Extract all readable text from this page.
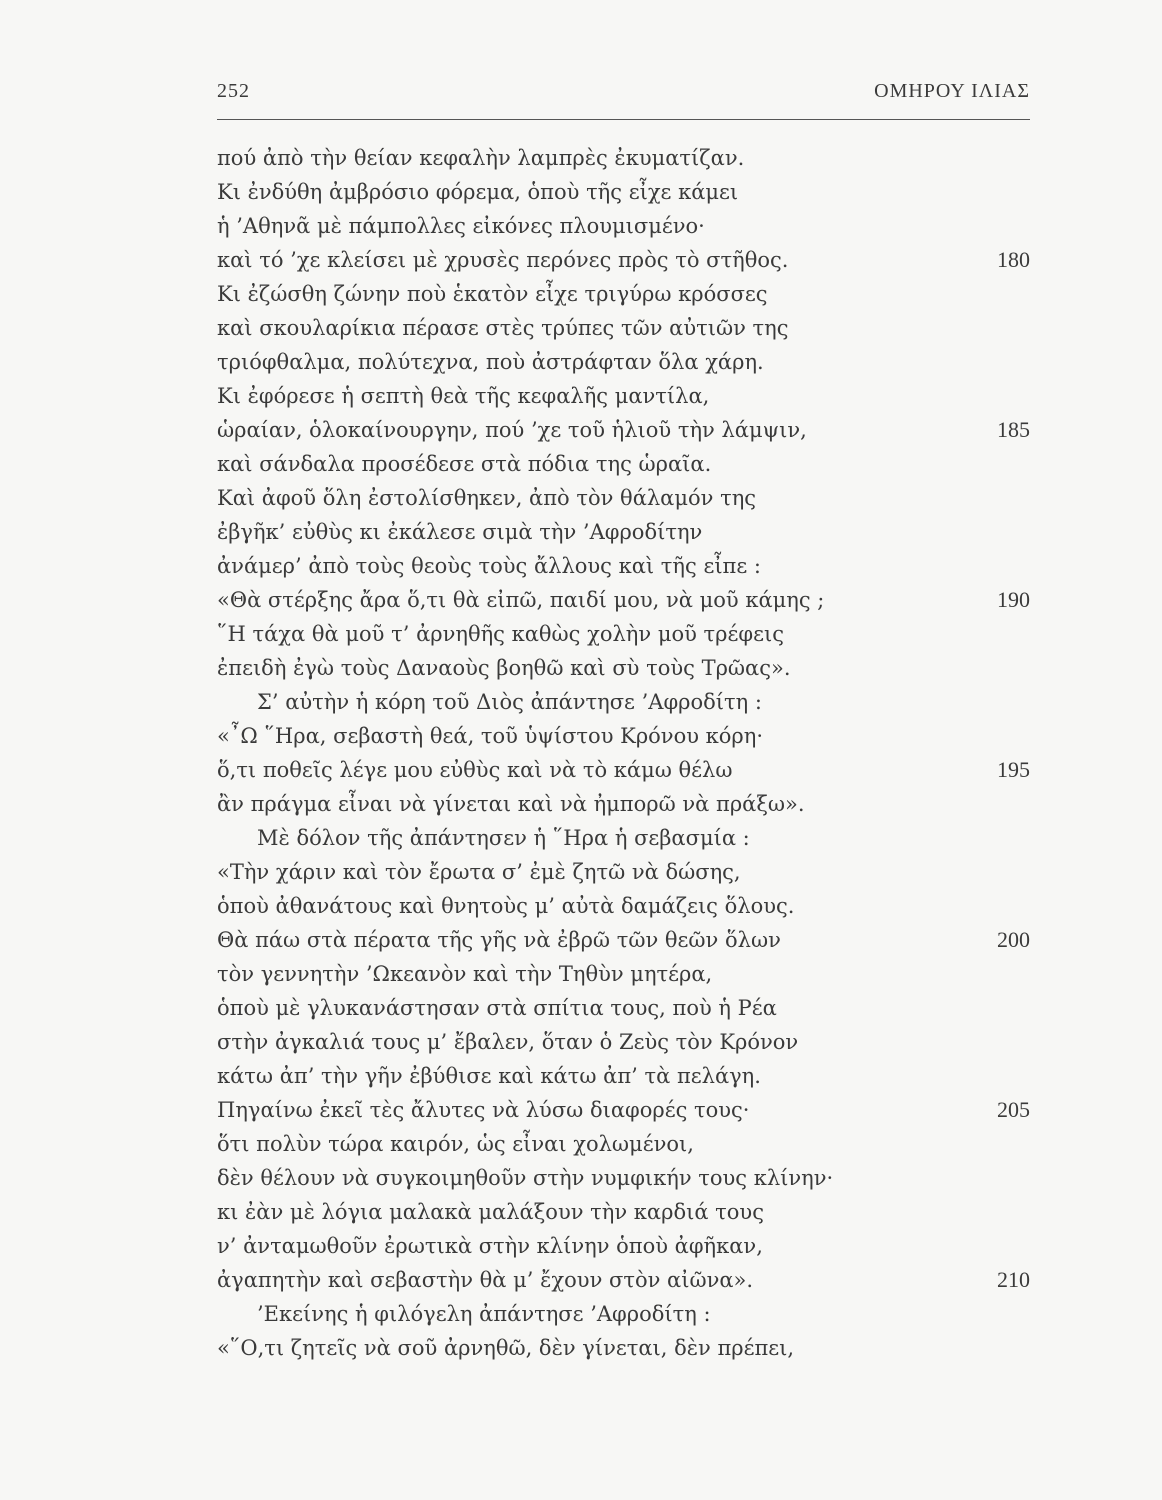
252	ΟΜΗΡΟΥ ΙΛΙΑΣ
πού ἀπὸ τὴν θείαν κεφαλὴν λαμπρὲς ἐκυματίζαν.
Κι ἐνδύθη ἀμβρόσιο φόρεμα, ὁποὺ τῆς εἶχε κάμει
ἡ ’Αθηνᾶ μὲ πάμπολλες εἰκόνες πλουμισμένο·
καὶ τό ’χε κλείσει μὲ χρυσὲς περόνες πρὸς τὸ στῆθος.	180
Κι ἐζώσθη ζώνην ποὺ ἑκατὸν εἶχε τριγύρω κρόσσες
καὶ σκουλαρίκια πέρασε στὲς τρύπες τῶν αὐτιῶν της
τριόφθαλμα, πολύτεχνα, ποὺ ἀστράφταν ὅλα χάρη.
Κι ἐφόρεσε ἡ σεπτὴ θεὰ τῆς κεφαλῆς μαντίλα,
ὡραίαν, ὁλοκαίνουργην, πού ’χε τοῦ ἡλιοῦ τὴν λάμψιν,	185
καὶ σάνδαλα προσέδεσε στὰ πόδια της ὡραῖα.
Καὶ ἀφοῦ ὅλη ἐστολίσθηκεν, ἀπὸ τὸν θάλαμόν της
ἐβγῆκ’ εὐθὺς κι ἐκάλεσε σιμὰ τὴν ’Αφροδίτην
ἀνάμερ’ ἀπὸ τοὺς θεοὺς τοὺς ἄλλους καὶ τῆς εἶπε :
«Θὰ στέρξης ἄρα ὅ,τι θὰ εἰπῶ, παιδί μου, νὰ μοῦ κάμης ;	190
῞Η τάχα θὰ μοῦ τ’ ἀρνηθῆς καθὼς χολὴν μοῦ τρέφεις
ἐπειδὴ ἐγὼ τοὺς Δαναοὺς βοηθῶ καὶ σὺ τοὺς Τρῶας».
Σ’ αὐτὴν ἡ κόρη τοῦ Διὸς ἀπάντησε ’Αφροδίτη :
«῏Ω ῞Ηρα, σεβαστὴ θεά, τοῦ ὑψίστου Κρόνου κόρη·
ὅ,τι ποθεῖς λέγε μου εὐθὺς καὶ νὰ τὸ κάμω θέλω	195
ἂν πράγμα εἶναι νὰ γίνεται καὶ νὰ ἠμπορῶ νὰ πράξω».
Μὲ δόλον τῆς ἀπάντησεν ἡ ῞Ηρα ἡ σεβασμία :
«Τὴν χάριν καὶ τὸν ἔρωτα σ’ ἐμὲ ζητῶ νὰ δώσης,
ὁποὺ ἀθανάτους καὶ θνητοὺς μ’ αὐτὰ δαμάζεις ὅλους.
Θὰ πάω στὰ πέρατα τῆς γῆς νὰ ἐβρῶ τῶν θεῶν ὅλων	200
τὸν γεννητὴν ’Ωκεανὸν καὶ τὴν Τηθὺν μητέρα,
ὁποὺ μὲ γλυκανάστησαν στὰ σπίτια τους, ποὺ ἡ Ρέα
στὴν ἀγκαλιά τους μ’ ἔβαλεν, ὅταν ὁ Ζεὺς τὸν Κρόνον
κάτω ἀπ’ τὴν γῆν ἐβύθισε καὶ κάτω ἀπ’ τὰ πελάγη.
Πηγαίνω ἐκεῖ τὲς ἄλυτες νὰ λύσω διαφορές τους·	205
ὅτι πολὺν τώρα καιρόν, ὡς εἶναι χολωμένοι,
δὲν θέλουν νὰ συγκοιμηθοῦν στὴν νυμφικήν τους κλίνην·
κι ἐὰν μὲ λόγια μαλακὰ μαλάξουν τὴν καρδιά τους
ν’ ἀνταμωθοῦν ἐρωτικὰ στὴν κλίνην ὁποὺ ἀφῆκαν,
ἀγαπητὴν καὶ σεβαστὴν θὰ μ’ ἔχουν στὸν αἰῶνα».	210
’Εκείνης ἡ φιλόγελη ἀπάντησε ’Αφροδίτη :
«῞Ο,τι ζητεῖς νὰ σοῦ ἀρνηθῶ, δὲν γίνεται, δὲν πρέπει,
